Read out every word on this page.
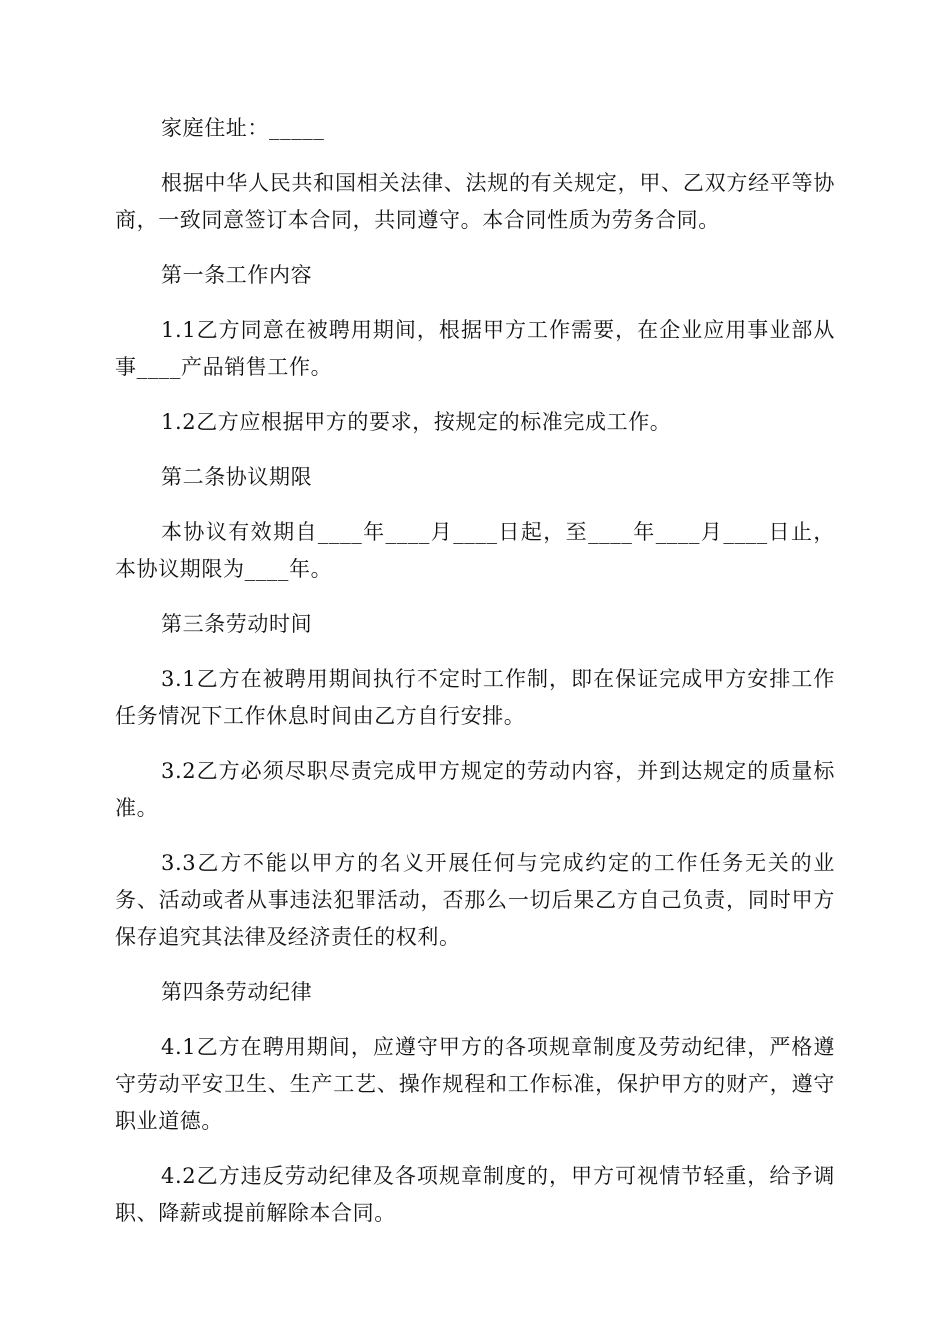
家庭住址：_____

根据中华人民共和国相关法律、法规的有关规定，甲、乙双方经平等协商，一致同意签订本合同，共同遵守。本合同性质为劳务合同。

第一条工作内容

1.1乙方同意在被聘用期间，根据甲方工作需要，在企业应用事业部从事____产品销售工作。

1.2乙方应根据甲方的要求，按规定的标准完成工作。

第二条协议期限

本协议有效期自____年____月____日起，至____年____月____日止，本协议期限为____年。

第三条劳动时间

3.1乙方在被聘用期间执行不定时工作制，即在保证完成甲方安排工作任务情况下工作休息时间由乙方自行安排。

3.2乙方必须尽职尽责完成甲方规定的劳动内容，并到达规定的质量标准。

3.3乙方不能以甲方的名义开展任何与完成约定的工作任务无关的业务、活动或者从事违法犯罪活动，否那么一切后果乙方自己负责，同时甲方保存追究其法律及经济责任的权利。

第四条劳动纪律

4.1乙方在聘用期间，应遵守甲方的各项规章制度及劳动纪律，严格遵守劳动平安卫生、生产工艺、操作规程和工作标准，保护甲方的财产，遵守职业道德。

4.2乙方违反劳动纪律及各项规章制度的，甲方可视情节轻重，给予调职、降薪或提前解除本合同。
